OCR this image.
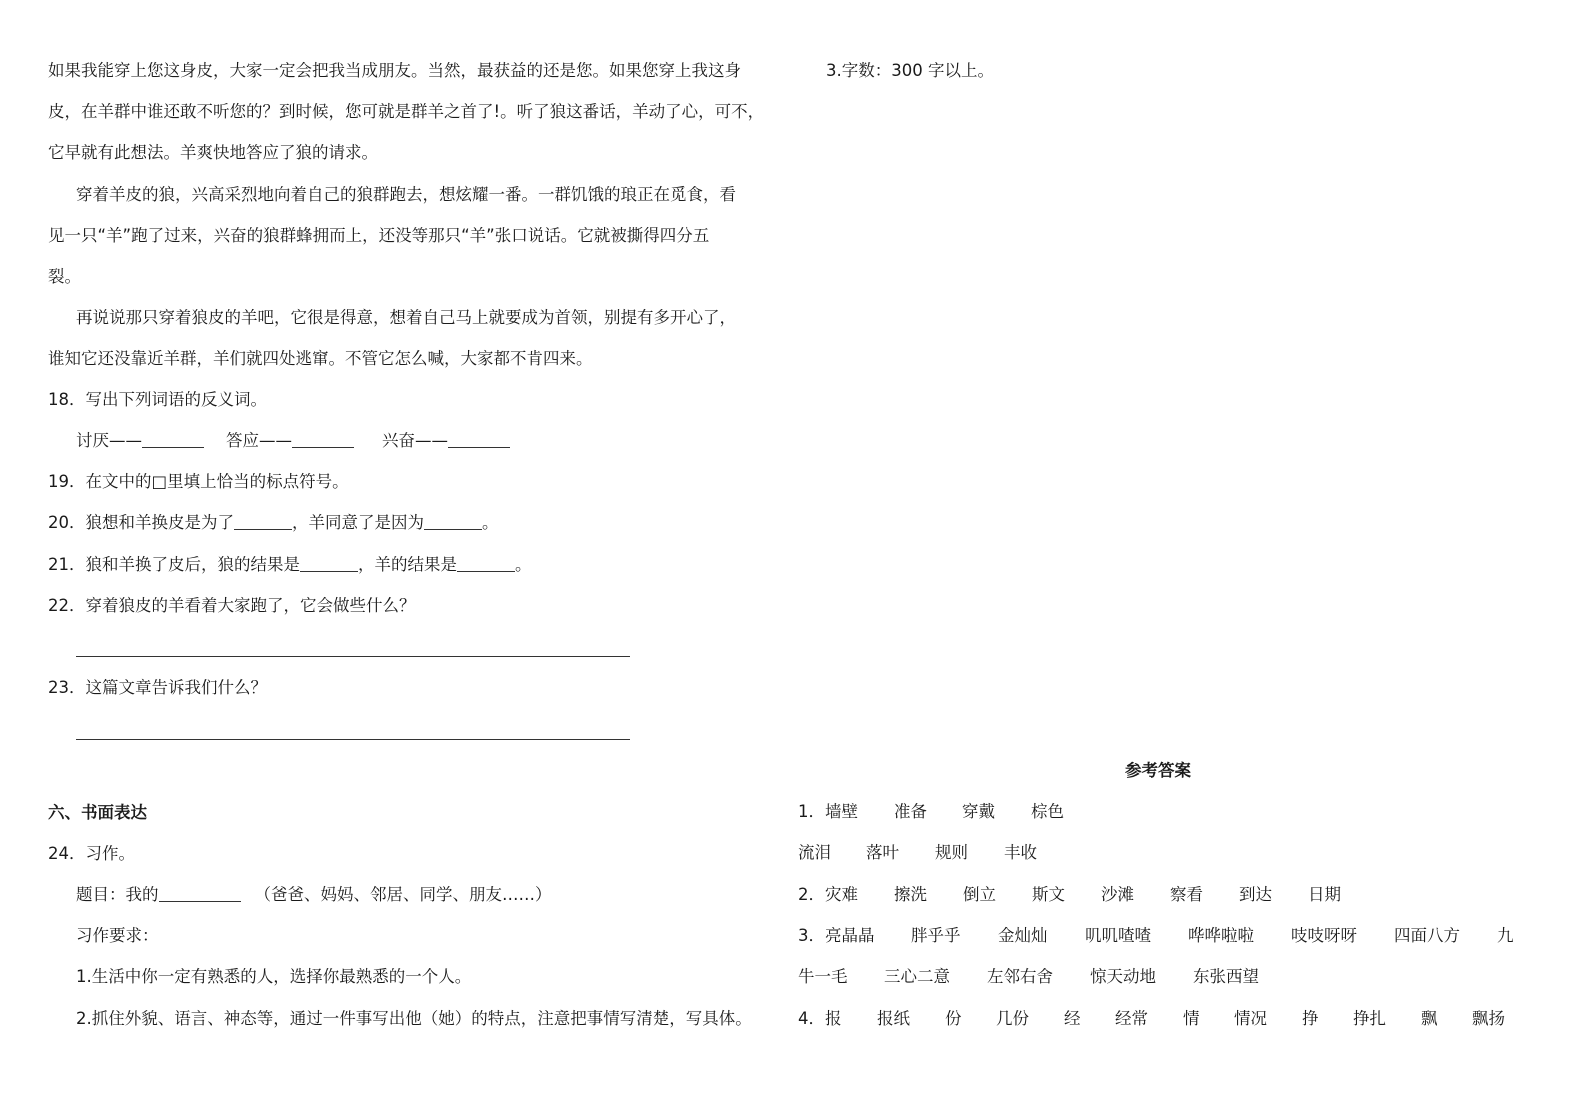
如果我能穿上您这身皮，大家一定会把我当成朋友。当然，最获益的还是您。如果您穿上我这身
皮，在羊群中谁还敢不听您的？到时候，您可就是群羊之首了!。听了狼这番话，羊动了心，可不，
它早就有此想法。羊爽快地答应了狼的请求。
穿着羊皮的狼，兴高采烈地向着自己的狼群跑去，想炫耀一番。一群饥饿的琅正在觅食，看
见一只“羊”跑了过来，兴奋的狼群蜂拥而上，还没等那只“羊”张口说话。它就被撕得四分五
裂。
再说说那只穿着狼皮的羊吧，它很是得意，想着自己马上就要成为首领，别提有多开心了，
谁知它还没靠近羊群，羊们就四处逃窜。不管它怎么喊，大家都不肯四来。
18．写出下列词语的反义词。
讨厌——	答应——	兴奋——
19．在文中的□里填上恰当的标点符号。
20．狼想和羊换皮是为了	，羊同意了是因为	。
21．狼和羊换了皮后，狼的结果是	，羊的结果是	。
22．穿着狼皮的羊看着大家跑了，它会做些什么？
23．这篇文章告诉我们什么？
六、书面表达
24．习作。
题目：我的	（爸爸、妈妈、邻居、同学、朋友……）
习作要求：
1.生活中你一定有熟悉的人，选择你最熟悉的一个人。
2.抓住外貌、语言、神态等，通过一件事写出他（她）的特点，注意把事情写清楚，写具体。
3.字数：300 字以上。
参考答案
1．墙壁	准备	穿戴	棕色
流泪	落叶	规则	丰收
2．灾难	擦洗	倒立	斯文	沙滩	察看	到达	日期
3．亮晶晶	胖乎乎	金灿灿	叽叽喳喳	哗哗啦啦	吱吱呀呀	四面八方	九
牛一毛	三心二意	左邻右舍	惊天动地	东张西望
4．报	报纸	份	几份	经	经常	情	情况	挣	挣扎	飘	飘扬
